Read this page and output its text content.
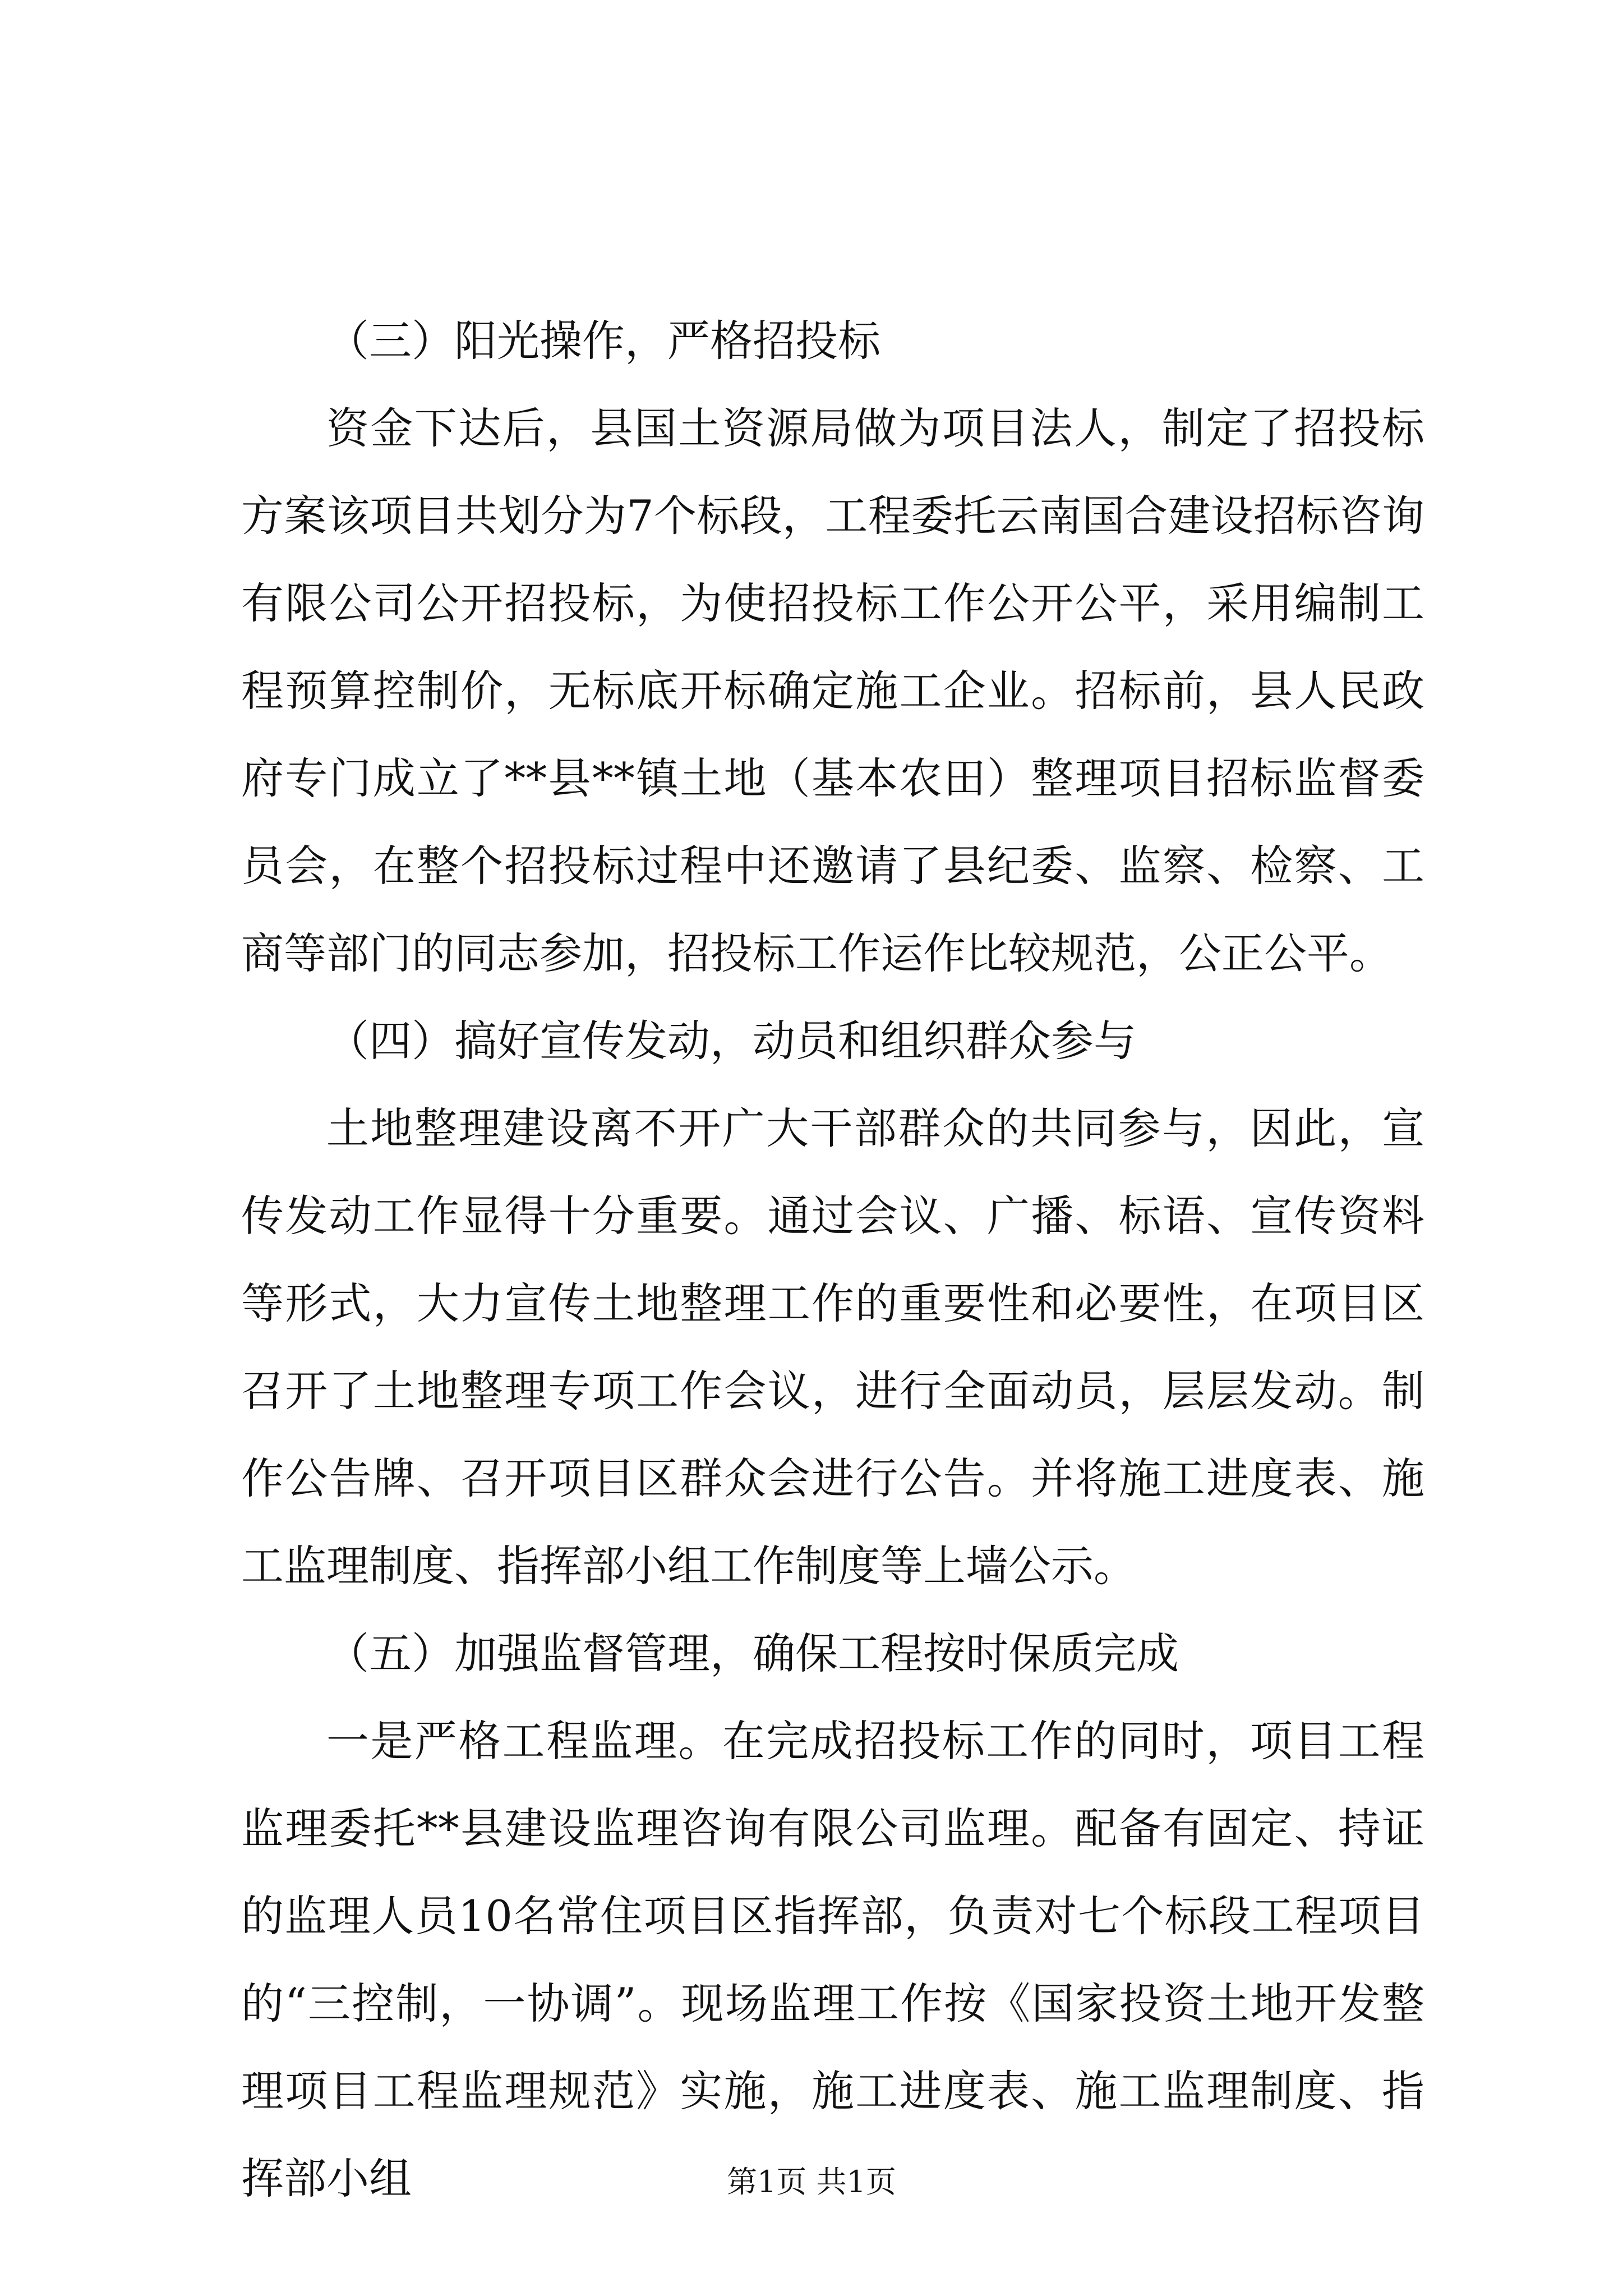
（三）阳光操作，严格招投标

资金下达后，县国土资源局做为项目法人，制定了招投标方案该项目共划分为7个标段，工程委托云南国合建设招标咨询有限公司公开招投标，为使招投标工作公开公平，采用编制工程预算控制价，无标底开标确定施工企业。招标前，县人民政府专门成立了**县**镇土地（基本农田）整理项目招标监督委员会，在整个招投标过程中还邀请了县纪委、监察、检察、工商等部门的同志参加，招投标工作运作比较规范，公正公平。

（四）搞好宣传发动，动员和组织群众参与

土地整理建设离不开广大干部群众的共同参与，因此，宣传发动工作显得十分重要。通过会议、广播、标语、宣传资料等形式，大力宣传土地整理工作的重要性和必要性，在项目区召开了土地整理专项工作会议，进行全面动员，层层发动。制作公告牌、召开项目区群众会进行公告。并将施工进度表、施工监理制度、指挥部小组工作制度等上墙公示。

（五）加强监督管理，确保工程按时保质完成

一是严格工程监理。在完成招投标工作的同时，项目工程监理委托**县建设监理咨询有限公司监理。配备有固定、持证的监理人员10名常住项目区指挥部，负责对七个标段工程项目的“三控制，一协调”。现场监理工作按《国家投资土地开发整理项目工程监理规范》实施，施工进度表、施工监理制度、指挥部小组	第1页 共1页
